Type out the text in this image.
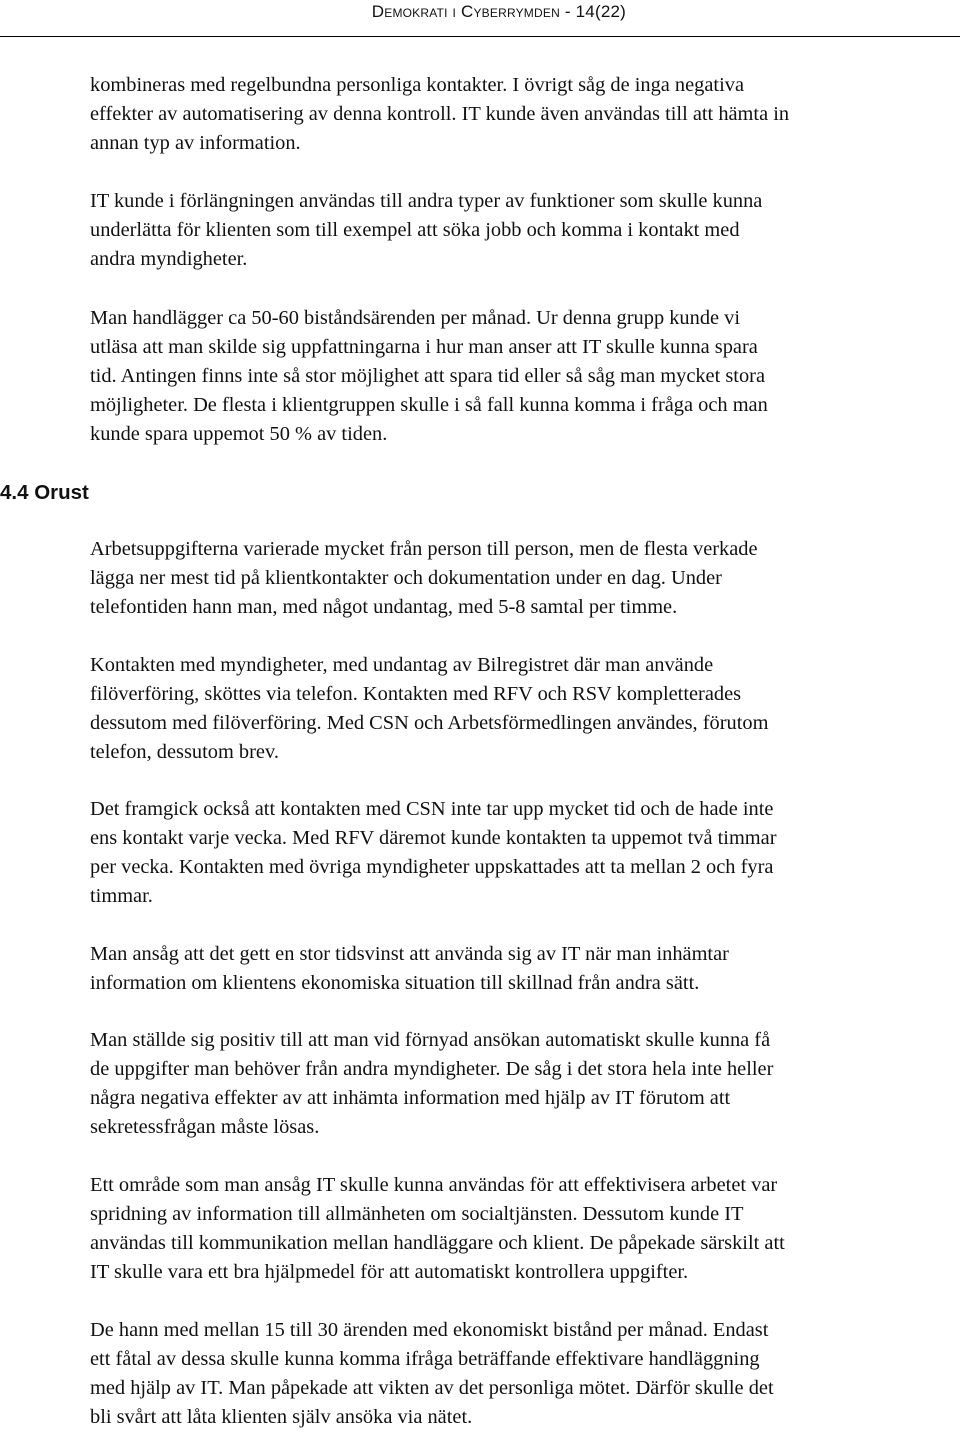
Demokrati i Cyberrymden - 14(22)
4.4 Orust
kombineras med regelbundna personliga kontakter. I övrigt såg de inga negativa
effekter av automatisering av denna kontroll. IT kunde även användas till att hämta in
annan typ av information.
IT kunde i förlängningen användas till andra typer av funktioner som skulle kunna
underlätta för klienten som till exempel att söka jobb och komma i kontakt med
andra myndigheter.
Man handlägger ca 50-60 biståndsärenden per månad. Ur denna grupp kunde vi
utläsa att man skilde sig uppfattningarna i hur man anser att IT skulle kunna spara
tid. Antingen finns inte så stor möjlighet att spara tid eller så såg man mycket stora
möjligheter. De flesta i klientgruppen skulle i så fall kunna komma i fråga och man
kunde spara uppemot 50 % av tiden.
Arbetsuppgifterna varierade mycket från person till person, men de flesta verkade
lägga ner mest tid på klientkontakter och dokumentation under en dag. Under
telefontiden hann man, med något undantag, med 5-8 samtal per timme.
Kontakten med myndigheter, med undantag av Bilregistret där man använde
filöverföring, sköttes via telefon. Kontakten med RFV och RSV kompletterades
dessutom med filöverföring. Med CSN och Arbetsförmedlingen användes, förutom
telefon, dessutom brev.
Det framgick också att kontakten med CSN inte tar upp mycket tid och de hade inte
ens kontakt varje vecka. Med RFV däremot kunde kontakten ta uppemot två timmar
per vecka. Kontakten med övriga myndigheter uppskattades att ta mellan 2 och fyra
timmar.
Man ansåg att det gett en stor tidsvinst att använda sig av IT när man inhämtar
information om klientens ekonomiska situation till skillnad från andra sätt.
Man ställde sig positiv till att man vid förnyad ansökan automatiskt skulle kunna få
de uppgifter man behöver från andra myndigheter. De såg i det stora hela inte heller
några negativa effekter av att inhämta information med hjälp av IT förutom att
sekretessfrågan måste lösas.
Ett område som man ansåg IT skulle kunna användas för att effektivisera arbetet var
spridning av information till allmänheten om socialtjänsten. Dessutom kunde IT
användas till kommunikation mellan handläggare och klient. De påpekade särskilt att
IT skulle vara ett bra hjälpmedel för att automatiskt kontrollera uppgifter.
De hann med mellan 15 till 30 ärenden med ekonomiskt bistånd per månad. Endast
ett fåtal av dessa skulle kunna komma ifråga beträffande effektivare handläggning
med hjälp av IT. Man påpekade att vikten av det personliga mötet. Därför skulle det
bli svårt att låta klienten själv ansöka via nätet.
